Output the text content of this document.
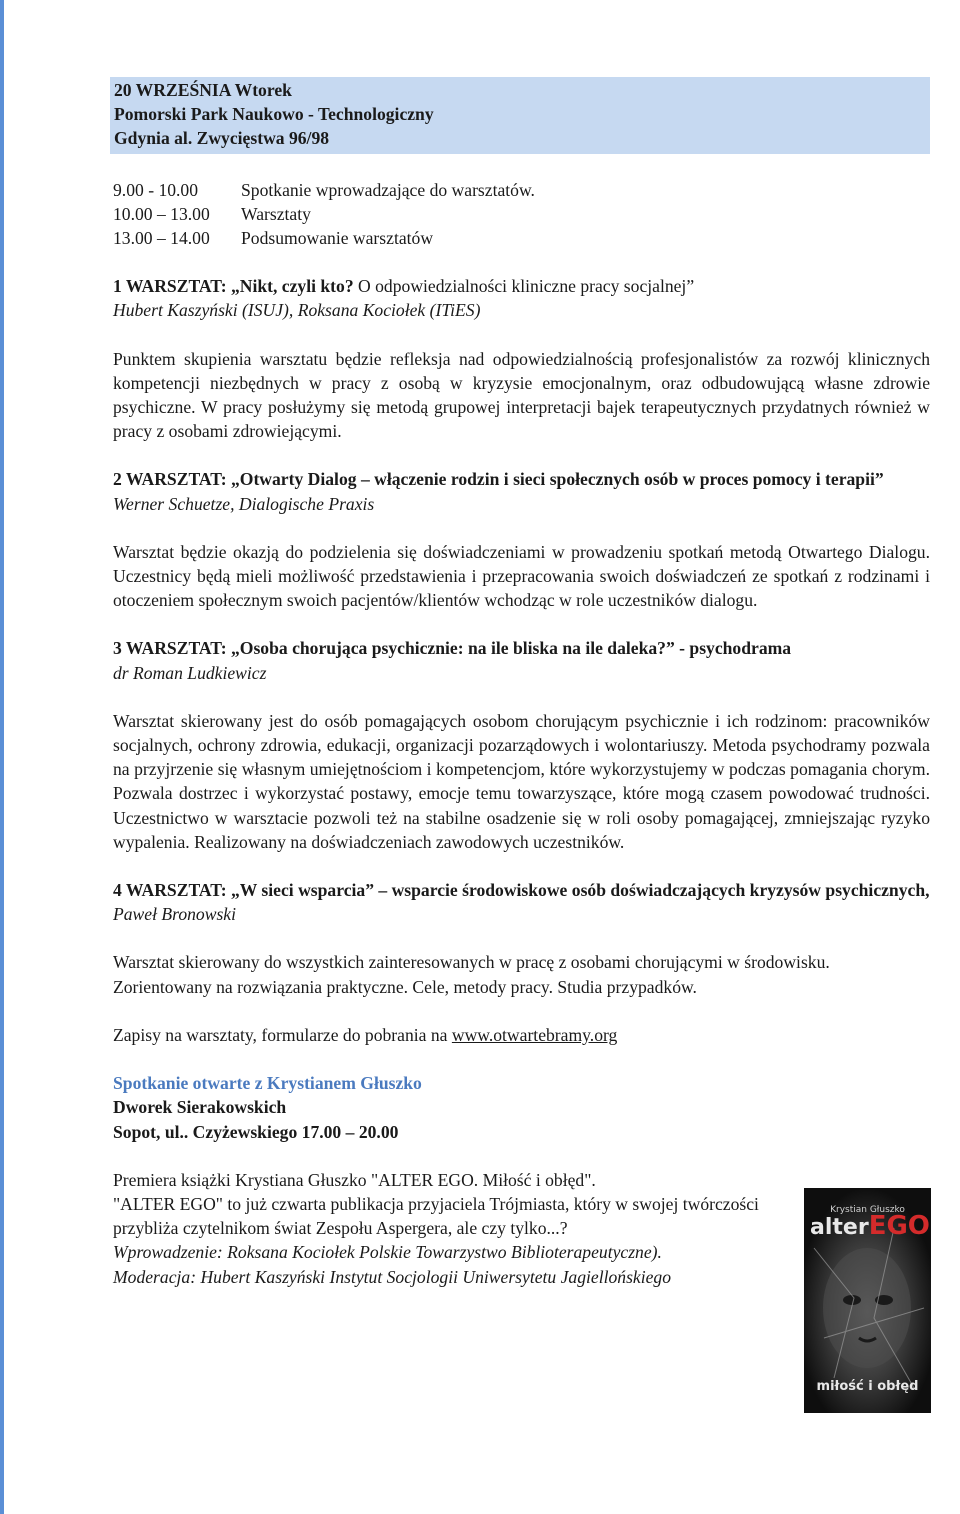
20 WRZEŚNIA Wtorek
Pomorski Park Naukowo - Technologiczny
Gdynia al. Zwycięstwa 96/98
9.00 - 10.00	Spotkanie wprowadzające do warsztatów.
10.00 – 13.00	Warsztaty
13.00 – 14.00	Podsumowanie warsztatów

1 WARSZTAT: „Nikt, czyli kto? O odpowiedzialności kliniczne pracy socjalnej”

Hubert Kaszyński (ISUJ), Roksana Kociołek (ITiES)

Punktem skupienia warsztatu będzie refleksja nad odpowiedzialnością profesjonalistów za rozwój klinicznych kompetencji niezbędnych w pracy z osobą w kryzysie emocjonalnym, oraz odbudowującą własne zdrowie psychiczne. W pracy posłużymy się metodą grupowej interpretacji bajek terapeutycznych przydatnych również w pracy z osobami zdrowiejącymi.

2 WARSZTAT: „Otwarty Dialog – włączenie rodzin i sieci społecznych osób w proces pomocy i terapii”

Werner Schuetze, Dialogische Praxis

Warsztat będzie okazją do podzielenia się doświadczeniami w prowadzeniu spotkań metodą Otwartego Dialogu. Uczestnicy będą mieli możliwość przedstawienia i przepracowania swoich doświadczeń ze spotkań z rodzinami i otoczeniem społecznym swoich pacjentów/klientów wchodząc w role uczestników dialogu.

3 WARSZTAT: „Osoba chorująca psychicznie: na ile bliska na ile daleka?” - psychodrama

dr Roman Ludkiewicz

Warsztat skierowany jest do osób pomagających osobom chorującym psychicznie i ich rodzinom: pracowników socjalnych, ochrony zdrowia, edukacji, organizacji pozarządowych i wolontariuszy. Metoda psychodramy pozwala na przyjrzenie się własnym umiejętnościom i kompetencjom, które wykorzystujemy w podczas pomagania chorym. Pozwala dostrzec i wykorzystać postawy, emocje temu towarzyszące, które mogą czasem powodować trudności. Uczestnictwo w warsztacie pozwoli też na stabilne osadzenie się w roli osoby pomagającej, zmniejszając ryzyko wypalenia. Realizowany na doświadczeniach zawodowych uczestników.

4 WARSZTAT: „W sieci wsparcia” – wsparcie środowiskowe osób doświadczających kryzysów psychicznych,

Paweł Bronowski

Warsztat skierowany do wszystkich zainteresowanych w pracę z osobami chorującymi w środowisku. Zorientowany na rozwiązania praktyczne. Cele, metody pracy. Studia przypadków.

Zapisy na warsztaty, formularze do pobrania na www.otwartebramy.org

Spotkanie otwarte z Krystianem Głuszko

Dworek Sierakowskich

Sopot, ul.. Czyżewskiego 17.00 – 20.00

Premiera książki Krystiana Głuszko "ALTER EGO. Miłość i obłęd".

"ALTER EGO" to już czwarta publikacja przyjaciela Trójmiasta, który w swojej twórczości przybliża czytelnikom świat Zespołu Aspergera, ale czy tylko...?

Wprowadzenie: Roksana Kociołek Polskie Towarzystwo Biblioterapeutyczne).

Moderacja: Hubert Kaszyński Instytut Socjologii Uniwersytetu Jagiellońskiego

Krystian Głuszko
alterEGO
miłość i obłęd
